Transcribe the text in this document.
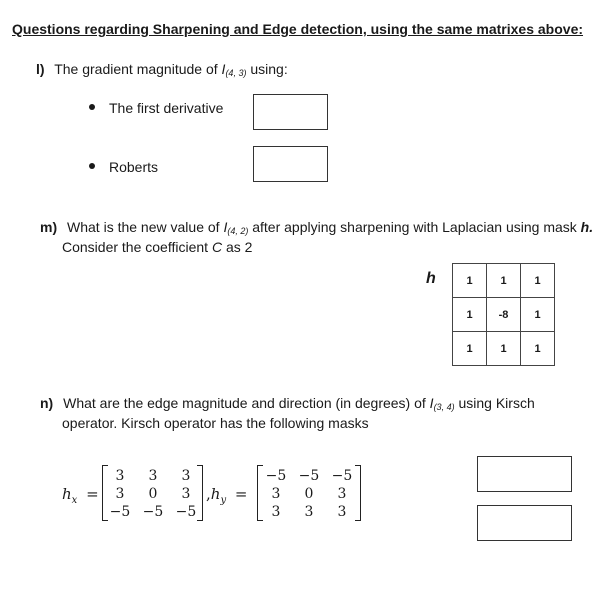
Questions regarding Sharpening and Edge detection, using the same matrixes above:
l) The gradient magnitude of $I_{(4, 3)}$ using:
The first derivative
Roberts
m) What is the new value of $I_{(4, 2)}$ after applying sharpening with Laplacian using mask h.
Consider the coefficient C as 2
h	1	1	1
1	-8	1
1	1	1
n) What are the edge magnitude and direction (in degrees) of $I_{(3, 4)}$ using Kirsch
operator. Kirsch operator has the following masks
$h_x$ =
3	3	3
3	0	3
−5 −5 −5
$,h_y$ =
−5 −5 −5
3	0	3
3	3	3
